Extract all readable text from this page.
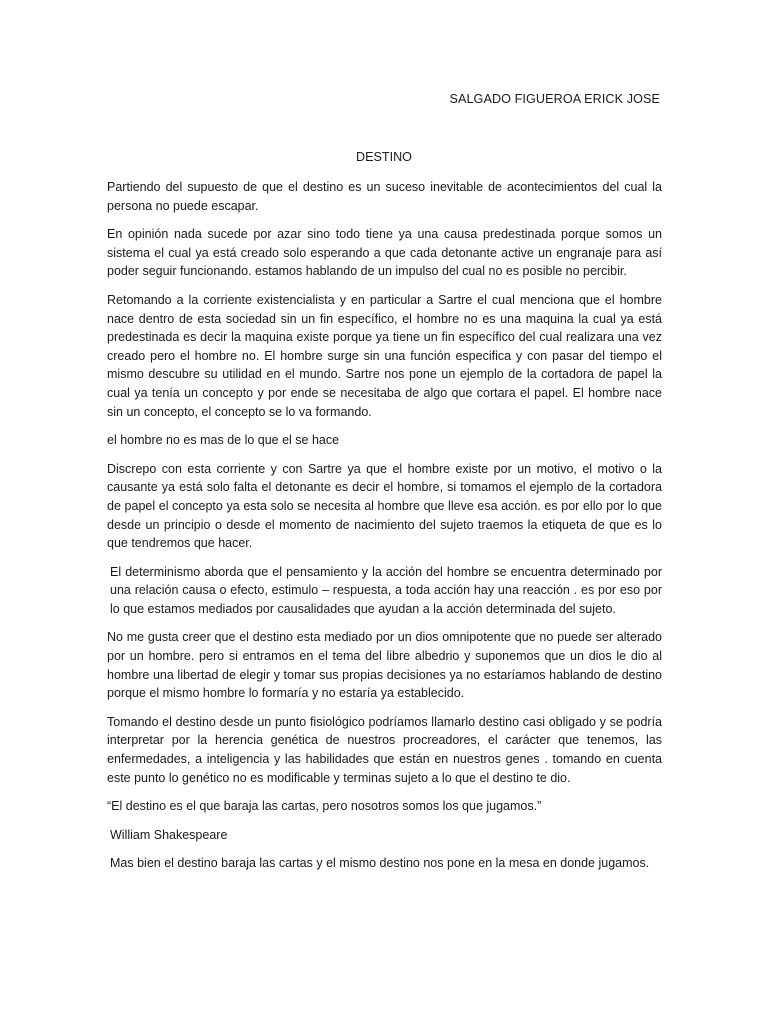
SALGADO FIGUEROA ERICK JOSE
DESTINO

Partiendo del supuesto de que el destino es un suceso inevitable de acontecimientos del cual la persona no puede escapar.

En opinión nada sucede por azar sino todo tiene ya una causa predestinada porque somos un sistema el cual ya está creado solo esperando a que cada detonante active un engranaje para así poder seguir funcionando. estamos hablando de un impulso del cual no es posible no percibir.

Retomando a la corriente existencialista y en particular a Sartre el cual menciona que el hombre nace dentro de esta sociedad sin un fin específico, el hombre no es una maquina la cual ya está predestinada es decir la maquina existe porque ya tiene un fin específico del cual realizara una vez creado pero el hombre no. El hombre surge sin una función especifica y con pasar del tiempo el mismo descubre su utilidad en el mundo. Sartre nos pone un ejemplo de la cortadora de papel la cual ya tenía un concepto y por ende se necesitaba de algo que cortara el papel. El hombre nace sin un concepto, el concepto se lo va formando.

el hombre no es mas de lo que el se hace

Discrepo con esta corriente y con Sartre ya que el hombre existe por un motivo, el motivo o la causante ya está solo falta el detonante es decir el hombre, si tomamos el ejemplo de la cortadora de papel el concepto ya esta solo se necesita al hombre que lleve esa acción. es por ello por lo que desde un principio o desde el momento de nacimiento del sujeto traemos la etiqueta de que es lo que tendremos que hacer.

El determinismo aborda que el pensamiento y la acción del hombre se encuentra determinado por una relación causa o efecto, estimulo – respuesta, a toda acción hay una reacción . es por eso por lo que estamos mediados por causalidades que ayudan a la acción determinada del sujeto.

No me gusta creer que el destino esta mediado por un dios omnipotente que no puede ser alterado por un hombre. pero si entramos en el tema del libre albedrio y suponemos que un dios le dio al hombre una libertad de elegir y tomar sus propias decisiones ya no estaríamos hablando de destino porque el mismo hombre lo formaría y no estaría ya establecido.

Tomando el destino desde un punto fisiológico podríamos llamarlo destino casi obligado y se podría interpretar por la herencia genética de nuestros procreadores, el carácter que tenemos, las enfermedades, a inteligencia y las habilidades que están en nuestros genes . tomando en cuenta este punto lo genético no es modificable y terminas sujeto a lo que el destino te dio.

“El destino es el que baraja las cartas, pero nosotros somos los que jugamos.”

William Shakespeare

Mas bien el destino baraja las cartas y el mismo destino nos pone en la mesa en donde jugamos.
